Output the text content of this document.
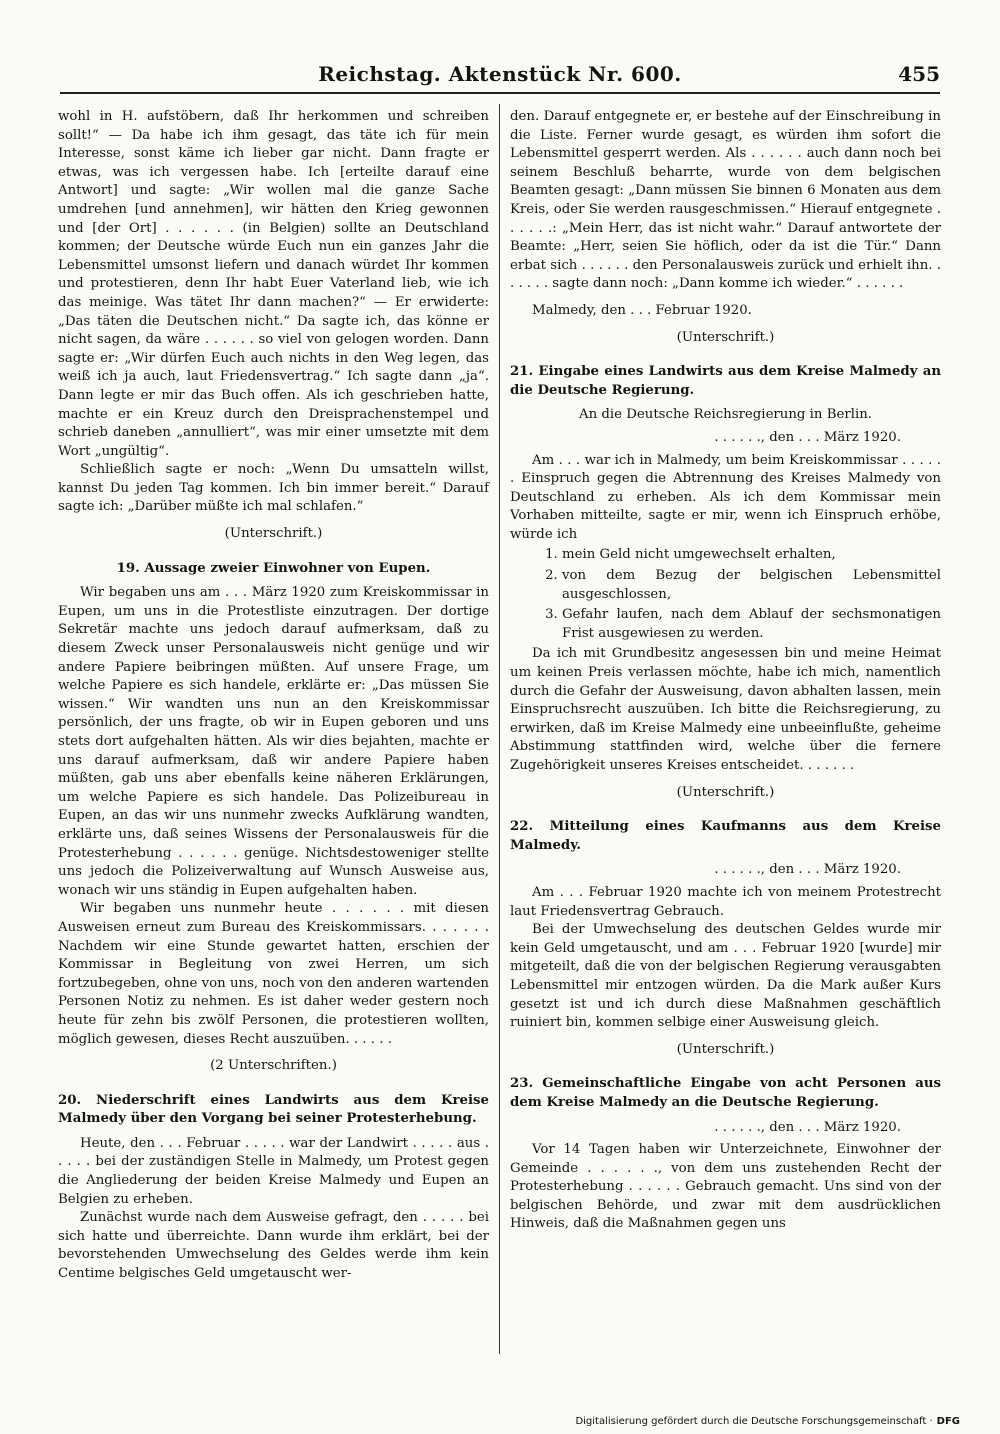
Reichstag. Aktenstück Nr. 600.	455

wohl in H. aufstöbern, daß Ihr herkommen und schreiben sollt!“ — Da habe ich ihm gesagt, das täte ich für mein Interesse, sonst käme ich lieber gar nicht. Dann fragte er etwas, was ich vergessen habe. Ich [erteilte darauf eine Antwort] und sagte: „Wir wollen mal die ganze Sache umdrehen [und annehmen], wir hätten den Krieg gewonnen und [der Ort] . . . . . . (in Belgien) sollte an Deutschland kommen; der Deutsche würde Euch nun ein ganzes Jahr die Lebensmittel umsonst liefern und danach würdet Ihr kommen und protestieren, denn Ihr habt Euer Vaterland lieb, wie ich das meinige. Was tätet Ihr dann machen?“ — Er erwiderte: „Das täten die Deutschen nicht.“ Da sagte ich, das könne er nicht sagen, da wäre . . . . . . so viel von gelogen worden. Dann sagte er: „Wir dürfen Euch auch nichts in den Weg legen, das weiß ich ja auch, laut Friedensvertrag.“ Ich sagte dann „ja“. Dann legte er mir das Buch offen. Als ich geschrieben hatte, machte er ein Kreuz durch den Dreisprachenstempel und schrieb daneben „annulliert“, was mir einer umsetzte mit dem Wort „ungültig“.

Schließlich sagte er noch: „Wenn Du umsatteln willst, kannst Du jeden Tag kommen. Ich bin immer bereit.“ Darauf sagte ich: „Darüber müßte ich mal schlafen.“

(Unterschrift.)

19. Aussage zweier Einwohner von Eupen.

Wir begaben uns am . . . März 1920 zum Kreiskommissar in Eupen, um uns in die Protestliste einzutragen. Der dortige Sekretär machte uns jedoch darauf aufmerksam, daß zu diesem Zweck unser Personalausweis nicht genüge und wir andere Papiere beibringen müßten. Auf unsere Frage, um welche Papiere es sich handele, erklärte er: „Das müssen Sie wissen.“ Wir wandten uns nun an den Kreiskommissar persönlich, der uns fragte, ob wir in Eupen geboren und uns stets dort aufgehalten hätten. Als wir dies bejahten, machte er uns darauf aufmerksam, daß wir andere Papiere haben müßten, gab uns aber ebenfalls keine näheren Erklärungen, um welche Papiere es sich handele. Das Polizeibureau in Eupen, an das wir uns nunmehr zwecks Aufklärung wandten, erklärte uns, daß seines Wissens der Personalausweis für die Protesterhebung . . . . . . genüge. Nichtsdestoweniger stellte uns jedoch die Polizeiverwaltung auf Wunsch Ausweise aus, wonach wir uns ständig in Eupen aufgehalten haben.

Wir begaben uns nunmehr heute . . . . . . mit diesen Ausweisen erneut zum Bureau des Kreiskommissars. . . . . . . Nachdem wir eine Stunde gewartet hatten, erschien der Kommissar in Begleitung von zwei Herren, um sich fortzubegeben, ohne von uns, noch von den anderen wartenden Personen Notiz zu nehmen. Es ist daher weder gestern noch heute für zehn bis zwölf Personen, die protestieren wollten, möglich gewesen, dieses Recht auszuüben. . . . . .

(2 Unterschriften.)

20. Niederschrift eines Landwirts aus dem Kreise Malmedy über den Vorgang bei seiner Protesterhebung.

Heute, den . . . Februar . . . . . war der Landwirt . . . . . aus . . . . . bei der zuständigen Stelle in Malmedy, um Protest gegen die Angliederung der beiden Kreise Malmedy und Eupen an Belgien zu erheben.

Zunächst wurde nach dem Ausweise gefragt, den . . . . . bei sich hatte und überreichte. Dann wurde ihm erklärt, bei der bevorstehenden Umwechselung des Geldes werde ihm kein Centime belgisches Geld umgetauscht wer-

den. Darauf entgegnete er, er bestehe auf der Einschreibung in die Liste. Ferner wurde gesagt, es würden ihm sofort die Lebensmittel gesperrt werden. Als . . . . . . auch dann noch bei seinem Beschluß beharrte, wurde von dem belgischen Beamten gesagt: „Dann müssen Sie binnen 6 Monaten aus dem Kreis, oder Sie werden rausgeschmissen.“ Hierauf entgegnete . . . . . .: „Mein Herr, das ist nicht wahr.“ Darauf antwortete der Beamte: „Herr, seien Sie höflich, oder da ist die Tür.“ Dann erbat sich . . . . . . den Personalausweis zurück und erhielt ihn. . . . . . . sagte dann noch: „Dann komme ich wieder.“ . . . . . .

Malmedy, den . . . Februar 1920.

(Unterschrift.)

21. Eingabe eines Landwirts aus dem Kreise Malmedy an die Deutsche Regierung.

An die Deutsche Reichsregierung in Berlin.

. . . . . ., den . . . März 1920.

Am . . . war ich in Malmedy, um beim Kreiskommissar . . . . . . Einspruch gegen die Abtrennung des Kreises Malmedy von Deutschland zu erheben. Als ich dem Kommissar mein Vorhaben mitteilte, sagte er mir, wenn ich Einspruch erhöbe, würde ich

1. mein Geld nicht umgewechselt erhalten,
2. von dem Bezug der belgischen Lebensmittel ausgeschlossen,
3. Gefahr laufen, nach dem Ablauf der sechsmonatigen Frist ausgewiesen zu werden.

Da ich mit Grundbesitz angesessen bin und meine Heimat um keinen Preis verlassen möchte, habe ich mich, namentlich durch die Gefahr der Ausweisung, davon abhalten lassen, mein Einspruchsrecht auszuüben. Ich bitte die Reichsregierung, zu erwirken, daß im Kreise Malmedy eine unbeeinflußte, geheime Abstimmung stattfinden wird, welche über die fernere Zugehörigkeit unseres Kreises entscheidet. . . . . . .

(Unterschrift.)

22. Mitteilung eines Kaufmanns aus dem Kreise Malmedy.

. . . . . ., den . . . März 1920.

Am . . . Februar 1920 machte ich von meinem Protestrecht laut Friedensvertrag Gebrauch.

Bei der Umwechselung des deutschen Geldes wurde mir kein Geld umgetauscht, und am . . . Februar 1920 [wurde] mir mitgeteilt, daß die von der belgischen Regierung verausgabten Lebensmittel mir entzogen würden. Da die Mark außer Kurs gesetzt ist und ich durch diese Maßnahmen geschäftlich ruiniert bin, kommen selbige einer Ausweisung gleich.

(Unterschrift.)

23. Gemeinschaftliche Eingabe von acht Personen aus dem Kreise Malmedy an die Deutsche Regierung.

. . . . . ., den . . . März 1920.

Vor 14 Tagen haben wir Unterzeichnete, Einwohner der Gemeinde . . . . . ., von dem uns zustehenden Recht der Protesterhebung . . . . . . Gebrauch gemacht. Uns sind von der belgischen Behörde, und zwar mit dem ausdrücklichen Hinweis, daß die Maßnahmen gegen uns

Digitalisierung gefördert durch die Deutsche Forschungsgemeinschaft · DFG
